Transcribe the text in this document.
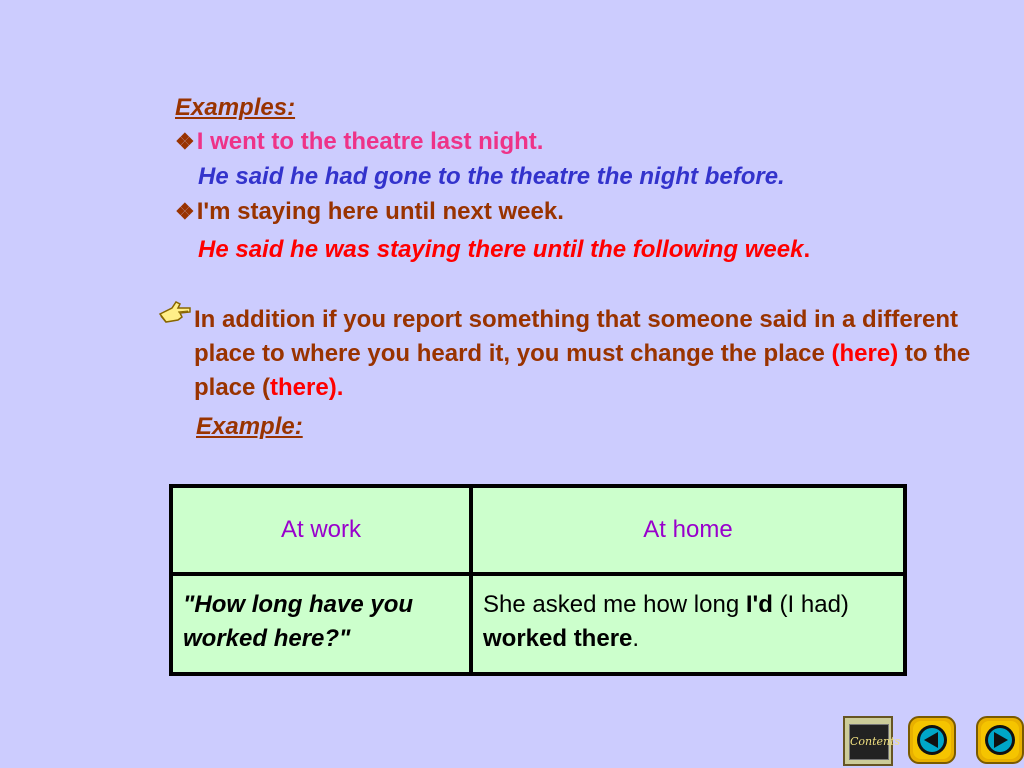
Examples:
❖I went to the theatre last night.
He said he had gone to the theatre the night before.
❖I'm staying here until next week.
He said he was staying there until the following week.
In addition if you report something that someone said in a different place to where you heard it, you must change the place (here) to the place (there).
Example:
At work	At home
"How long have you worked here?"	She asked me how long I'd (I had) worked there.
Contents
